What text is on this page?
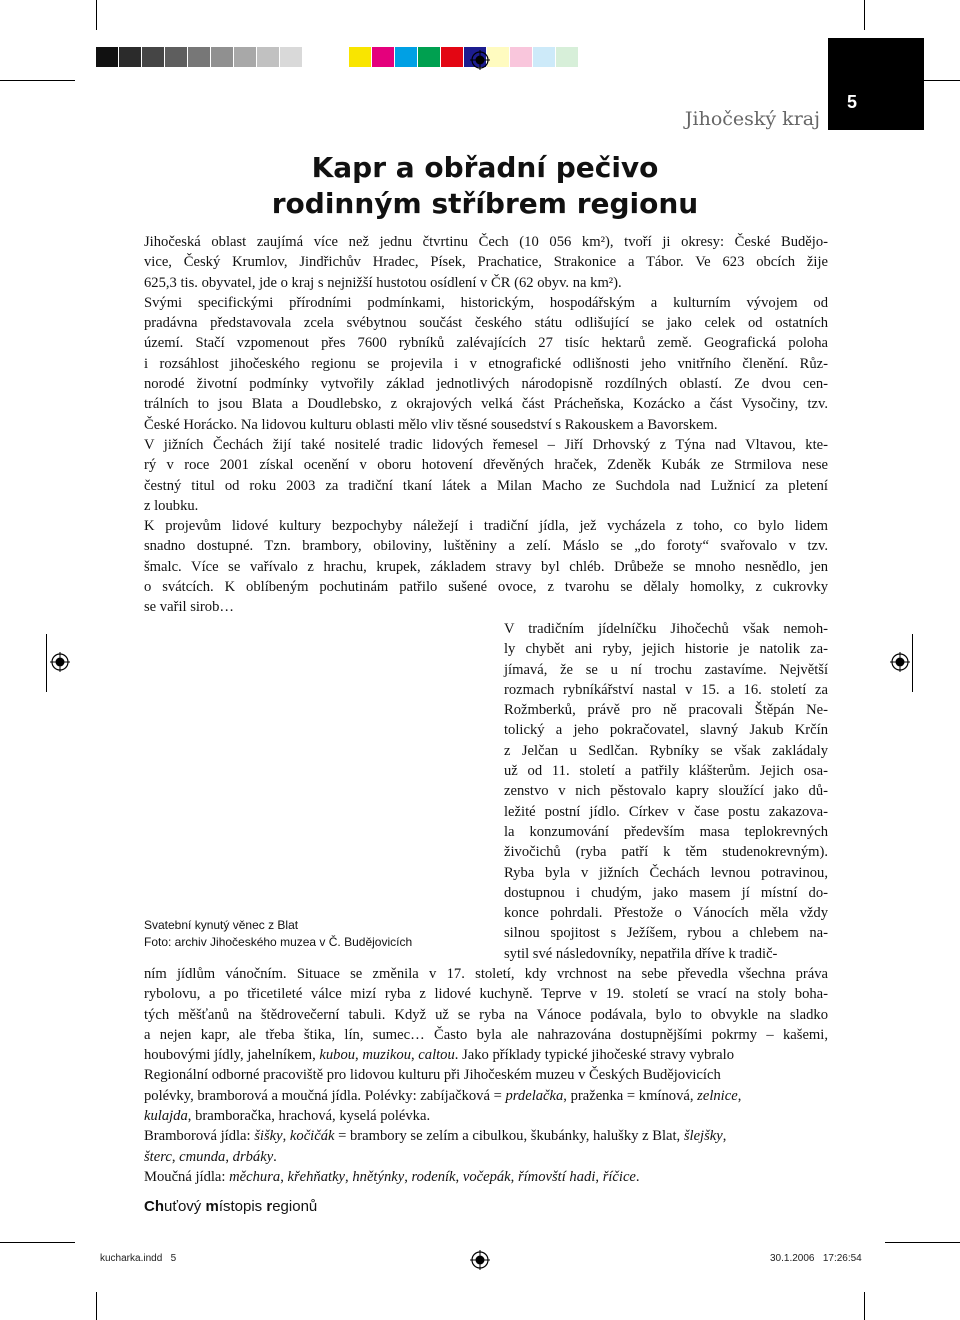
5
Jihočeský kraj
Kapr a obřadní pečivo
rodinným stříbrem regionu

Jihočeská oblast zaujímá více než jednu čtvrtinu Čech (10 056 km²), tvoří ji okresy: České Budějo-

vice, Český Krumlov, Jindřichův Hradec, Písek, Prachatice, Strakonice a Tábor. Ve 623 obcích žije

625,3 tis. obyvatel, jde o kraj s nejnižší hustotou osídlení v ČR (62 obyv. na km²).

Svými specifickými přírodními podmínkami, historickým, hospodářským a kulturním vývojem od

pradávna představovala zcela svébytnou součást českého státu odlišující se jako celek od ostatních

území. Stačí vzpomenout přes 7600 rybníků zalévajících 27 tisíc hektarů země. Geografická poloha

i rozsáhlost jihočeského regionu se projevila i v etnografické odlišnosti jeho vnitřního členění. Růz-

norodé životní podmínky vytvořily základ jednotlivých národopisně rozdílných oblastí. Ze dvou cen-

trálních to jsou Blata a Doudlebsko, z okrajových velká část Prácheňska, Kozácko a část Vysočiny, tzv.

České Horácko. Na lidovou kulturu oblasti mělo vliv těsné sousedství s Rakouskem a Bavorskem.

V jižních Čechách žijí také nositelé tradic lidových řemesel – Jiří Drhovský z Týna nad Vltavou, kte-

rý v roce 2001 získal ocenění v oboru hotovení dřevěných hraček, Zdeněk Kubák ze Strmilova nese

čestný titul od roku 2003 za tradiční tkaní látek a Milan Macho ze Suchdola nad Lužnicí za pletení

z loubku.

K projevům lidové kultury bezpochyby náležejí i tradiční jídla, jež vycházela z toho, co bylo lidem

snadno dostupné. Tzn. brambory, obiloviny, luštěniny a zelí. Máslo se „do foroty“ svařovalo v tzv.

šmalc. Více se vařívalo z hrachu, krupek, základem stravy byl chléb. Drůbeže se mnoho nesnědlo, jen

o svátcích. K oblíbeným pochutinám patřilo sušené ovoce, z tvarohu se dělaly homolky, z cukrovky

se vařil sirob…

V tradičním jídelníčku Jihočechů však nemoh-

ly chybět ani ryby, jejich historie je natolik za-

jímavá, že se u ní trochu zastavíme. Největší

rozmach rybníkářství nastal v 15. a 16. století za

Rožmberků, právě pro ně pracovali Štěpán Ne-

tolický a jeho pokračovatel, slavný Jakub Krčín

z Jelčan u Sedlčan. Rybníky se však zakládaly

už od 11. století a patřily klášterům. Jejich osa-

zenstvo v nich pěstovalo kapry sloužící jako dů-

ležité postní jídlo. Církev v čase postu zakazova-

la konzumování především masa teplokrevných

živočichů (ryba patří k těm studenokrevným).

Ryba byla v jižních Čechách levnou potravinou,

dostupnou i chudým, jako masem jí místní do-

konce pohrdali. Přestože o Vánocích měla vždy

silnou spojitost s Ježíšem, rybou a chlebem na-

sytil své následovníky, nepatřila dříve k tradič-

Svatební kynutý věnec z Blat
Foto: archiv Jihočeského muzea v Č. Budějovicích

ním jídlům vánočním. Situace se změnila v 17. století, kdy vrchnost na sebe převedla všechna práva

rybolovu, a po třicetileté válce mizí ryba z lidové kuchyně. Teprve v 19. století se vrací na stoly boha-

tých měšťanů na štědrovečerní tabuli. Když už se ryba na Vánoce podávala, bylo to obvykle na sladko

a nejen kapr, ale třeba štika, lín, sumec… Často byla ale nahrazována dostupnějšími pokrmy – kašemi,

houbovými jídly, jahelníkem, kubou, muzikou, caltou. Jako příklady typické jihočeské stravy vybralo

Regionální odborné pracoviště pro lidovou kulturu při Jihočeském muzeu v Českých Budějovicích

polévky, bramborová a moučná jídla. Polévky: zabíjačková = prdelačka, praženka = kmínová, zelnice,

kulajda, bramboračka, hrachová, kyselá polévka.

Bramborová jídla: šišky, kočičák = brambory se zelím a cibulkou, škubánky, halušky z Blat, šlejšky,

šterc, cmunda, drbáky.

Moučná jídla: měchura, křehňatky, hnětýnky, rodeník, vočepák, římovští hadi, říčice.

Chuťový místopis regionů
kucharka.indd   5	30.1.2006   17:26:54
